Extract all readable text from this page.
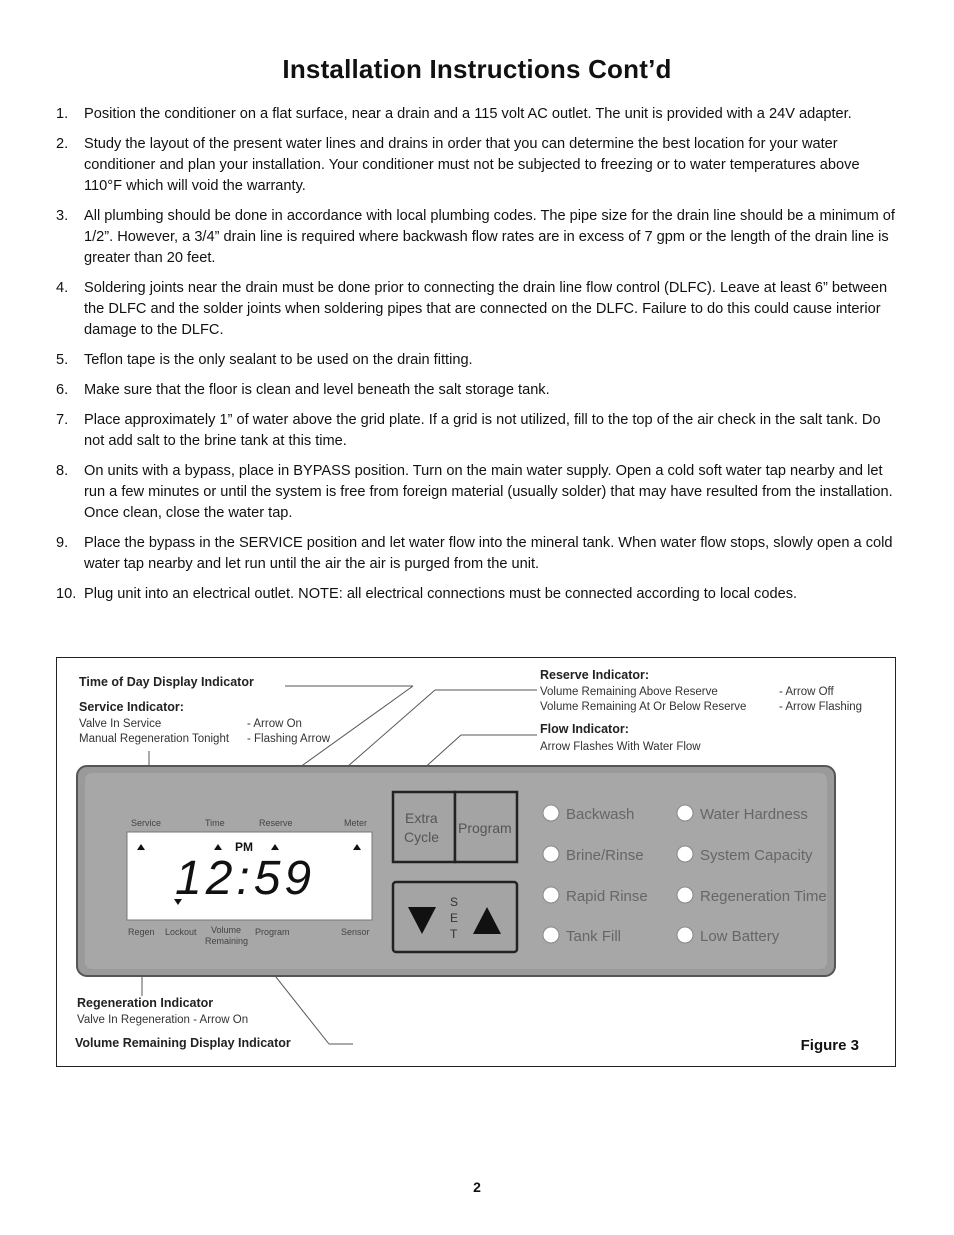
Installation Instructions Cont’d
1. Position the conditioner on a flat surface, near a drain and a 115 volt AC outlet. The unit is provided with a 24V adapter.
2. Study the layout of the present water lines and drains in order that you can determine the best location for your water conditioner and plan your installation. Your conditioner must not be subjected to freezing or to water temperatures above 110°F which will void the warranty.
3. All plumbing should be done in accordance with local plumbing codes. The pipe size for the drain line should be a minimum of 1/2”. However, a 3/4” drain line is required where backwash flow rates are in excess of 7 gpm or the length of the drain line is greater than 20 feet.
4. Soldering joints near the drain must be done prior to connecting the drain line flow control (DLFC). Leave at least 6” between the DLFC and the solder joints when soldering pipes that are connected on the DLFC. Failure to do this could cause interior damage to the DLFC.
5. Teflon tape is the only sealant to be used on the drain fitting.
6. Make sure that the floor is clean and level beneath the salt storage tank.
7. Place approximately 1” of water above the grid plate. If a grid is not utilized, fill to the top of the air check in the salt tank. Do not add salt to the brine tank at this time.
8. On units with a bypass, place in BYPASS position. Turn on the main water supply. Open a cold soft water tap nearby and let run a few minutes or until the system is free from foreign material (usually solder) that may have resulted from the installation. Once clean, close the water tap.
9. Place the bypass in the SERVICE position and let water flow into the mineral tank. When water flow stops, slowly open a cold water tap nearby and let run until the air the air is purged from the unit.
10. Plug unit into an electrical outlet. NOTE: all electrical connections must be connected according to local codes.
Time of Day Display Indicator
Service Indicator:
Valve In Service	- Arrow On
Manual Regeneration Tonight - Flashing Arrow
Reserve Indicator:
Volume Remaining Above Reserve	- Arrow Off
Volume Remaining At Or Below Reserve	- Arrow Flashing
Flow Indicator:
Arrow Flashes With Water Flow
Regeneration Indicator
Valve In Regeneration - Arrow On
Volume Remaining Display Indicator
Service	Time	Reserve	Meter
PM
12:59
Regen Lockout Volume
Remaining
Program	Sensor
Extra
Cycle
Program
S
E
T
Backwash
Brine/Rinse
Rapid Rinse
Tank Fill
Water Hardness
System Capacity
Regeneration Time
Low Battery
Figure 3
2
